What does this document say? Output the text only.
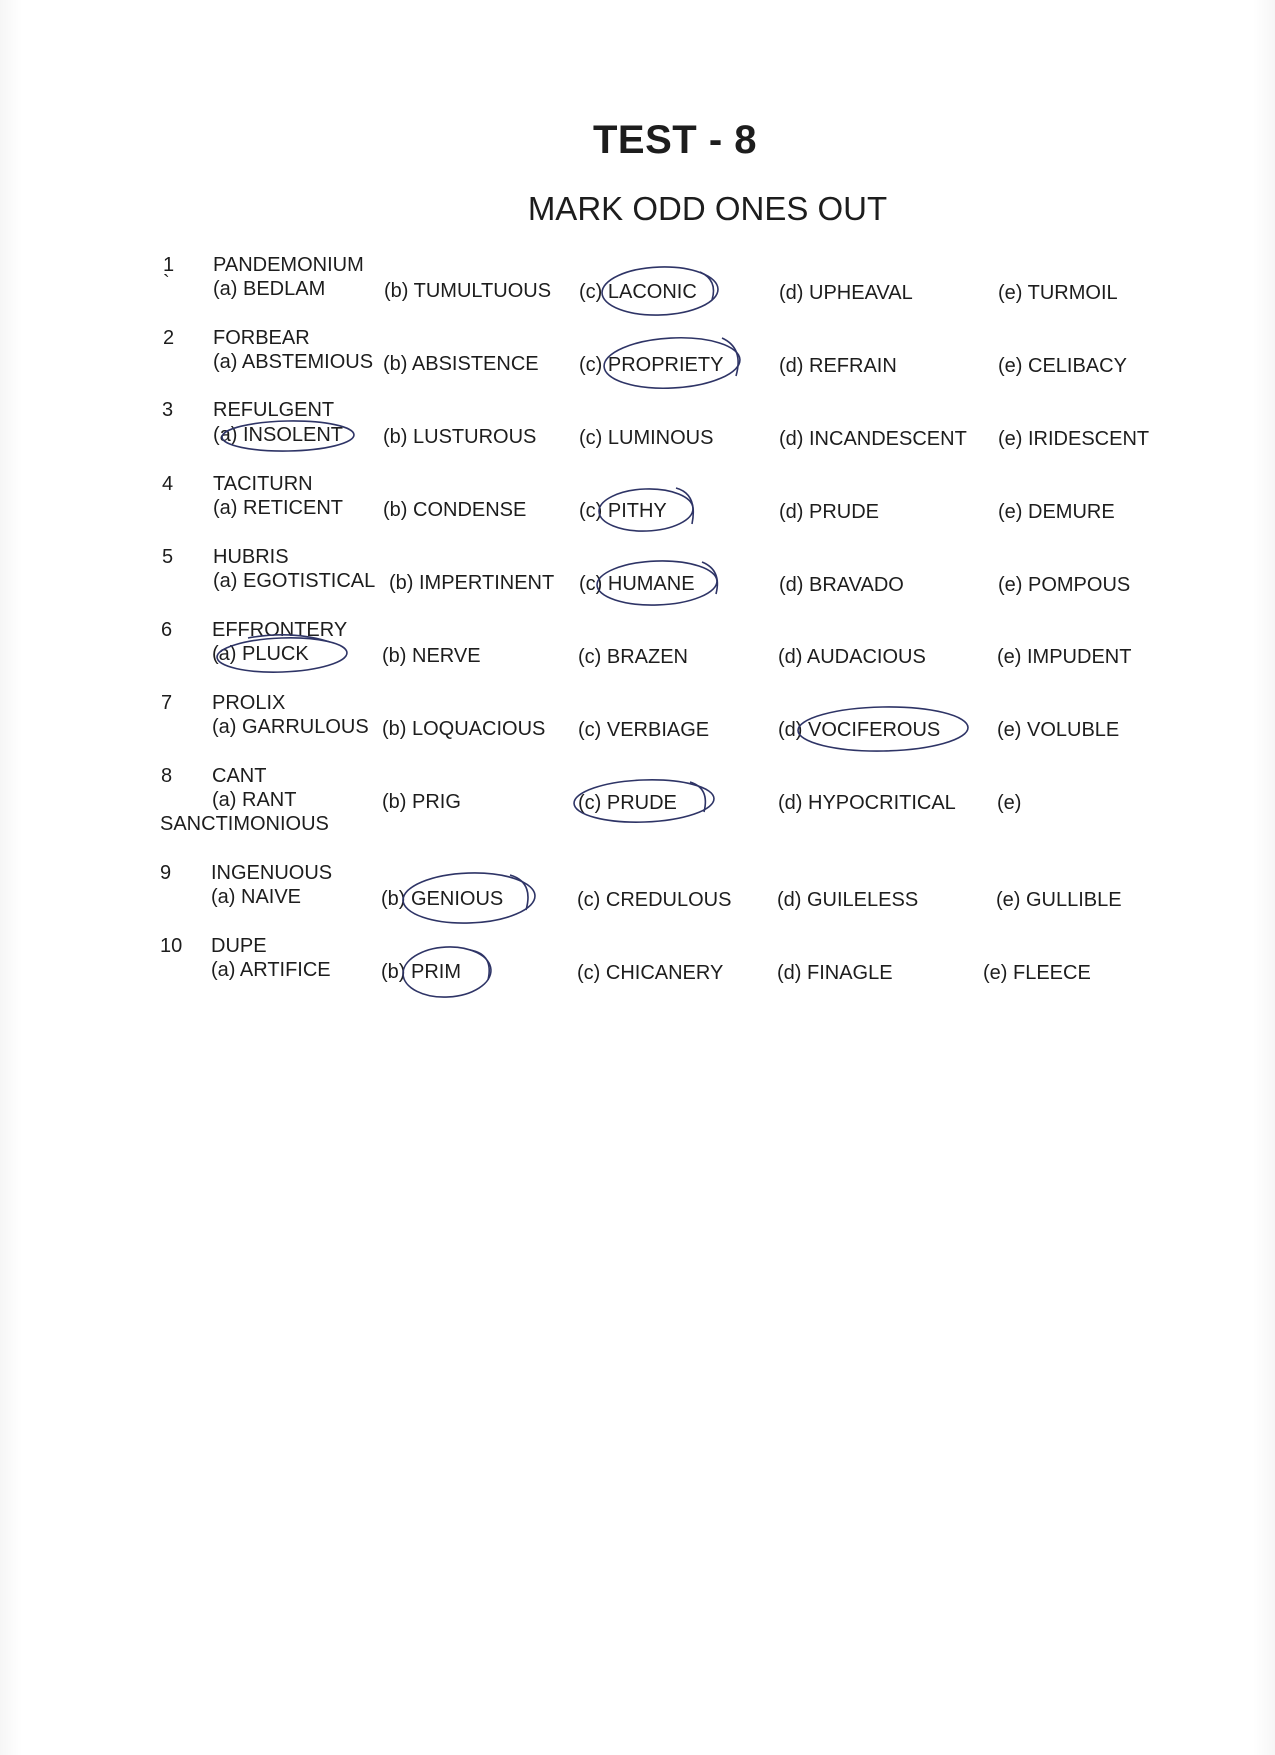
TEST - 8
MARK ODD ONES OUT
1
`
PANDEMONIUM
(a) BEDLAM	(b) TUMULTUOUS (c) LACONIC	(d) UPHEAVAL	(e) TURMOIL
2 FORBEAR
(a) ABSTEMIOUS (b) ABSISTENCE (c) PROPRIETY	(d) REFRAIN	(e) CELIBACY
3 REFULGENT
(a) INSOLENT (b) LUSTUROUS (c) LUMINOUS	(d) INCANDESCENT (e) IRIDESCENT
4 TACITURN
(a) RETICENT (b) CONDENSE	(c) PITHY	(d) PRUDE	(e) DEMURE
5 HUBRIS
(a) EGOTISTICAL (b) IMPERTINENT (c) HUMANE	(d) BRAVADO	(e) POMPOUS
6 EFFRONTERY
(a) PLUCK	(b) NERVE	(c) BRAZEN	(d) AUDACIOUS	(e) IMPUDENT
7 PROLIX
(a) GARRULOUS (b) LOQUACIOUS (c) VERBIAGE	(d) VOCIFEROUS	(e) VOLUBLE
8 CANT
(a) RANT	(b) PRIG	(c) PRUDE	(d) HYPOCRITICAL (e)
SANCTIMONIOUS
9 INGENUOUS
(a) NAIVE	(b) GENIOUS	(c) CREDULOUS (d) GUILELESS	(e) GULLIBLE
10 DUPE
(a) ARTIFICE	(b) PRIM	(c) CHICANERY	(d) FINAGLE	(e) FLEECE
